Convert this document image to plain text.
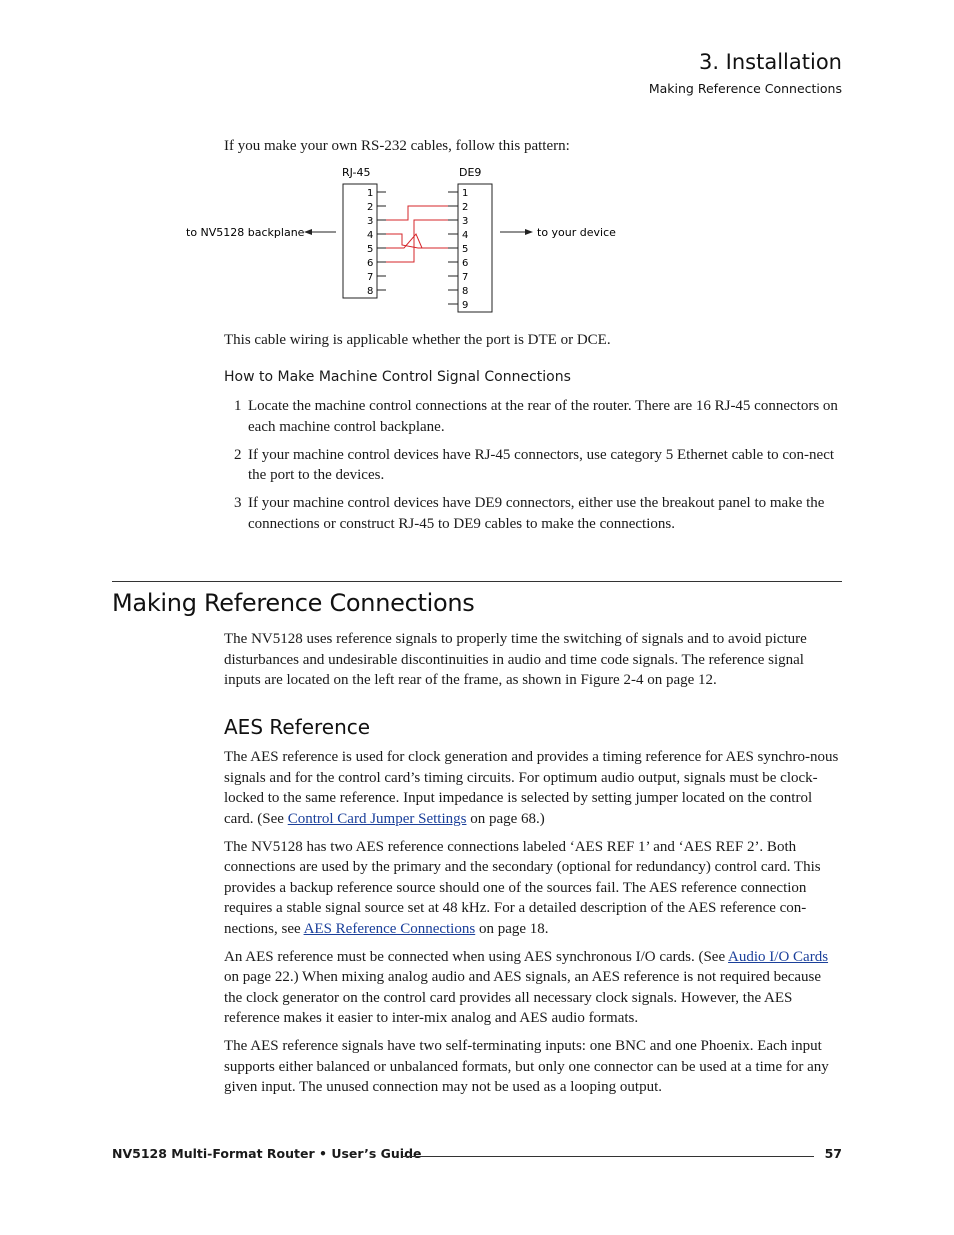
3. Installation
Making Reference Connections

If you make your own RS-232 cables, follow this pattern:

RJ-45	DE9
1
2
3
4
5
6
7
8
1
2
3
4
5
6
7
8
9
to NV5128 backplane	to your device

This cable wiring is applicable whether the port is DTE or DCE.

How to Make Machine Control Signal Connections
1 Locate the machine control connections at the rear of the router. There are 16 RJ-45 connectors on each machine control backplane.
2 If your machine control devices have RJ-45 connectors, use category 5 Ethernet cable to con-nect the port to the devices.
3 If your machine control devices have DE9 connectors, either use the breakout panel to make the connections or construct RJ-45 to DE9 cables to make the connections.
Making Reference Connections

The NV5128 uses reference signals to properly time the switching of signals and to avoid picture disturbances and undesirable discontinuities in audio and time code signals. The reference signal inputs are located on the left rear of the frame, as shown in Figure 2-4 on page 12.

AES Reference

The AES reference is used for clock generation and provides a timing reference for AES synchro-nous signals and for the control card’s timing circuits. For optimum audio output, signals must be clock-locked to the same reference. Input impedance is selected by setting jumper located on the control card. (See Control Card Jumper Settings on page 68.)

The NV5128 has two AES reference connections labeled ‘AES REF 1’ and ‘AES REF 2’. Both connections are used by the primary and the secondary (optional for redundancy) control card. This provides a backup reference source should one of the sources fail. The AES reference connection requires a stable signal source set at 48 kHz. For a detailed description of the AES reference con-nections, see AES Reference Connections on page 18.

An AES reference must be connected when using AES synchronous I/O cards. (See Audio I/O Cards on page 22.) When mixing analog audio and AES signals, an AES reference is not required because the clock generator on the control card provides all necessary clock signals. However, the AES reference makes it easier to inter-mix analog and AES audio formats.

The AES reference signals have two self-terminating inputs: one BNC and one Phoenix. Each input supports either balanced or unbalanced formats, but only one connector can be used at a time for any given input. The unused connection may not be used as a looping output.

NV5128 Multi-Format Router • User’s Guide	57
